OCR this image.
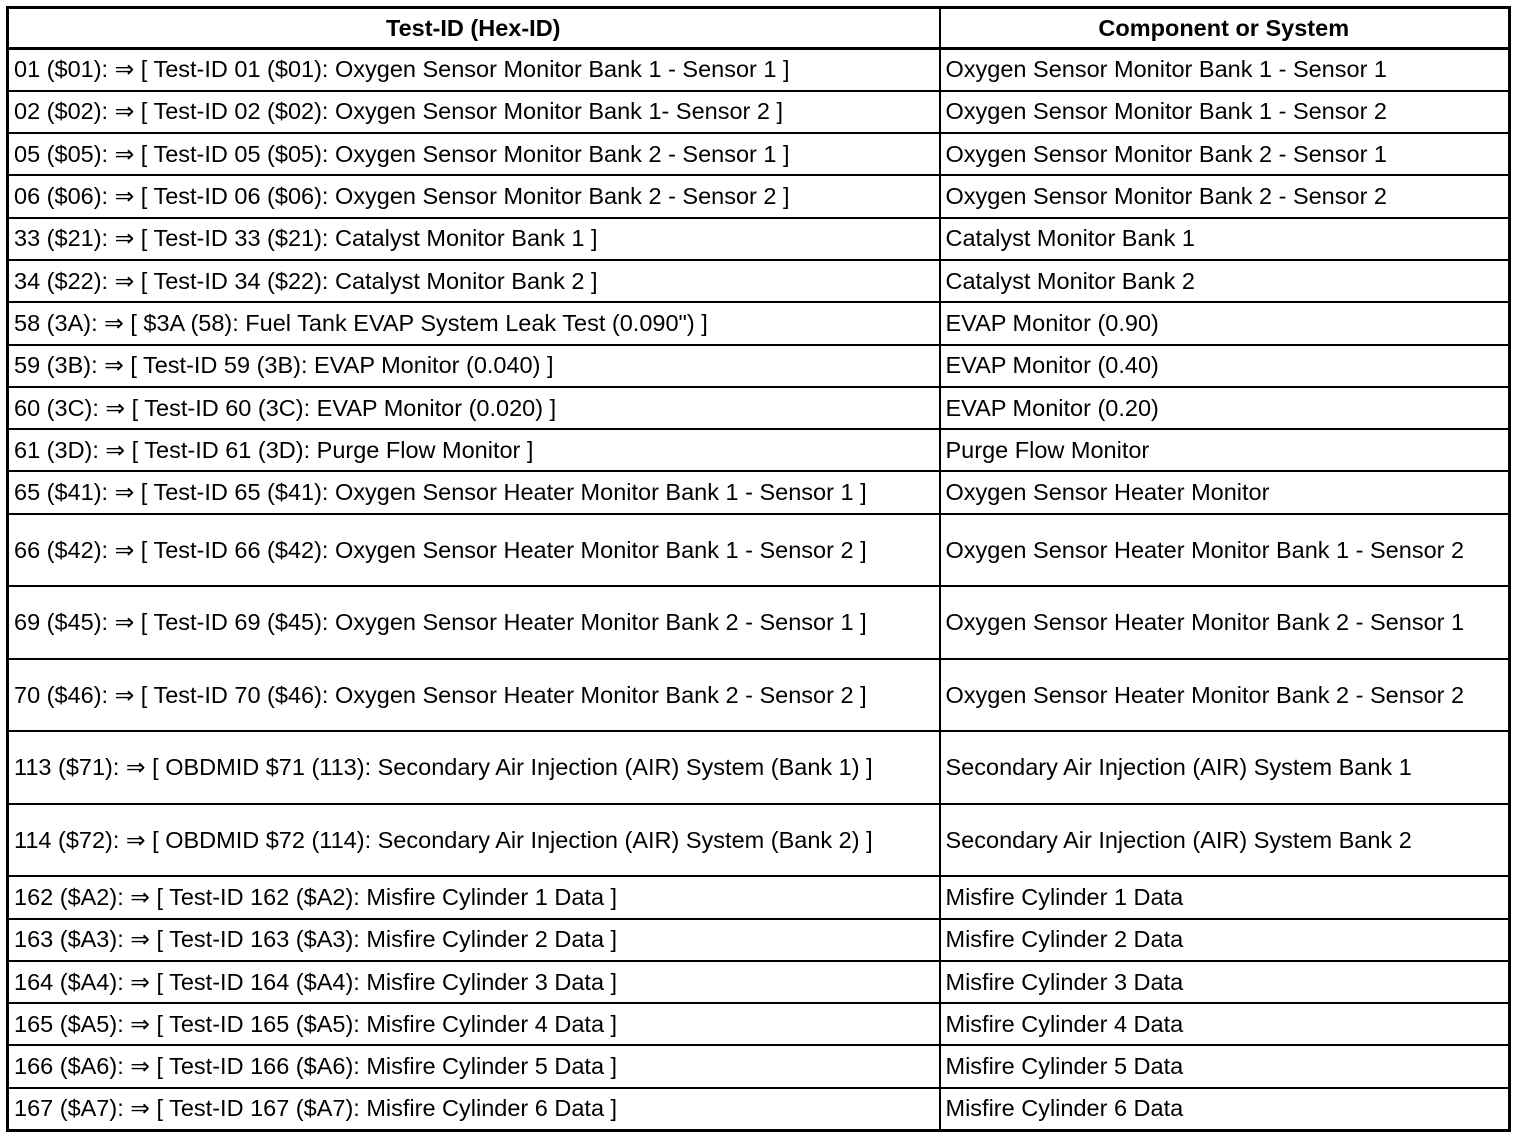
Test-ID (Hex-ID)	Component or System
01 ($01): ⇒ [ Test-ID 01 ($01): Oxygen Sensor Monitor Bank 1 - Sensor 1 ]	Oxygen Sensor Monitor Bank 1 - Sensor 1
02 ($02): ⇒ [ Test-ID 02 ($02): Oxygen Sensor Monitor Bank 1- Sensor 2 ]	Oxygen Sensor Monitor Bank 1 - Sensor 2
05 ($05): ⇒ [ Test-ID 05 ($05): Oxygen Sensor Monitor Bank 2 - Sensor 1 ]	Oxygen Sensor Monitor Bank 2 - Sensor 1
06 ($06): ⇒ [ Test-ID 06 ($06): Oxygen Sensor Monitor Bank 2 - Sensor 2 ]	Oxygen Sensor Monitor Bank 2 - Sensor 2
33 ($21): ⇒ [ Test-ID 33 ($21): Catalyst Monitor Bank 1 ]	Catalyst Monitor Bank 1
34 ($22): ⇒ [ Test-ID 34 ($22): Catalyst Monitor Bank 2 ]	Catalyst Monitor Bank 2
58 (3A): ⇒ [ $3A (58): Fuel Tank EVAP System Leak Test (0.090") ]	EVAP Monitor (0.90)
59 (3B): ⇒ [ Test-ID 59 (3B): EVAP Monitor (0.040) ]	EVAP Monitor (0.40)
60 (3C): ⇒ [ Test-ID 60 (3C): EVAP Monitor (0.020) ]	EVAP Monitor (0.20)
61 (3D): ⇒ [ Test-ID 61 (3D): Purge Flow Monitor ]	Purge Flow Monitor
65 ($41): ⇒ [ Test-ID 65 ($41): Oxygen Sensor Heater Monitor Bank 1 - Sensor 1 ]	Oxygen Sensor Heater Monitor
66 ($42): ⇒ [ Test-ID 66 ($42): Oxygen Sensor Heater Monitor Bank 1 - Sensor 2 ]	Oxygen Sensor Heater Monitor Bank 1 - Sensor 2
69 ($45): ⇒ [ Test-ID 69 ($45): Oxygen Sensor Heater Monitor Bank 2 - Sensor 1 ]	Oxygen Sensor Heater Monitor Bank 2 - Sensor 1
70 ($46): ⇒ [ Test-ID 70 ($46): Oxygen Sensor Heater Monitor Bank 2 - Sensor 2 ]	Oxygen Sensor Heater Monitor Bank 2 - Sensor 2
113 ($71): ⇒ [ OBDMID $71 (113): Secondary Air Injection (AIR) System (Bank 1) ]	Secondary Air Injection (AIR) System Bank 1
114 ($72): ⇒ [ OBDMID $72 (114): Secondary Air Injection (AIR) System (Bank 2) ]	Secondary Air Injection (AIR) System Bank 2
162 ($A2): ⇒ [ Test-ID 162 ($A2): Misfire Cylinder 1 Data ]	Misfire Cylinder 1 Data
163 ($A3): ⇒ [ Test-ID 163 ($A3): Misfire Cylinder 2 Data ]	Misfire Cylinder 2 Data
164 ($A4): ⇒ [ Test-ID 164 ($A4): Misfire Cylinder 3 Data ]	Misfire Cylinder 3 Data
165 ($A5): ⇒ [ Test-ID 165 ($A5): Misfire Cylinder 4 Data ]	Misfire Cylinder 4 Data
166 ($A6): ⇒ [ Test-ID 166 ($A6): Misfire Cylinder 5 Data ]	Misfire Cylinder 5 Data
167 ($A7): ⇒ [ Test-ID 167 ($A7): Misfire Cylinder 6 Data ]	Misfire Cylinder 6 Data
